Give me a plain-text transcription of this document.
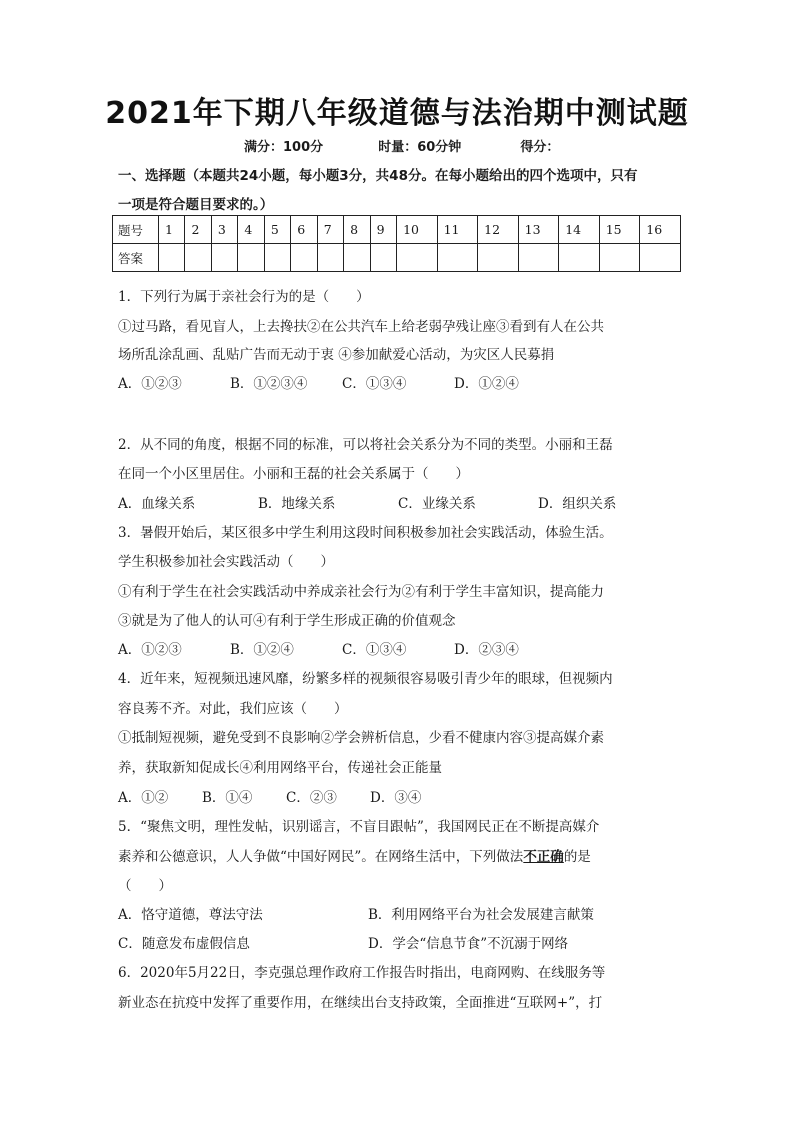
2021年下期八年级道德与法治期中测试题
满分：100分	时量：60分钟	得分：
一、选择题（本题共24小题，每小题3分，共48分。在每小题给出的四个选项中，只有
一项是符合题目要求的。）
题号	1	2	3	4	5	6	7	8	9	10	11	12	13	14	15	16
答案																
1．下列行为属于亲社会行为的是（　　）
①过马路，看见盲人，上去搀扶②在公共汽车上给老弱孕残让座③看到有人在公共
场所乱涂乱画、乱贴广告而无动于衷 ④参加献爱心活动，为灾区人民募捐
A．①②③	B．①②③④	C．①③④	D．①②④
2．从不同的角度，根据不同的标准，可以将社会关系分为不同的类型。小丽和王磊
在同一个小区里居住。小丽和王磊的社会关系属于（　　）
A．血缘关系	B．地缘关系	C．业缘关系	D．组织关系
3．暑假开始后，某区很多中学生利用这段时间积极参加社会实践活动，体验生活。
学生积极参加社会实践活动（　　）
①有利于学生在社会实践活动中养成亲社会行为②有利于学生丰富知识，提高能力
③就是为了他人的认可④有利于学生形成正确的价值观念
A．①②③	B．①②④	C．①③④	D．②③④
4．近年来，短视频迅速风靡，纷繁多样的视频很容易吸引青少年的眼球，但视频内
容良莠不齐。对此，我们应该（　　）
①抵制短视频，避免受到不良影响②学会辨析信息，少看不健康内容③提高媒介素
养，获取新知促成长④利用网络平台，传递社会正能量
A．①②	B．①④ C．②③ D．③④
5．“聚焦文明，理性发帖，识别谣言，不盲目跟帖”，我国网民正在不断提高媒介
素养和公德意识，人人争做“中国好网民”。在网络生活中，下列做法不正确的是
（　　）
A．恪守道德，尊法守法	B．利用网络平台为社会发展建言献策
C．随意发布虚假信息	D．学会“信息节食”不沉溺于网络
6．2020年5月22日，李克强总理作政府工作报告时指出，电商网购、在线服务等
新业态在抗疫中发挥了重要作用，在继续出台支持政策，全面推进“互联网+”，打
